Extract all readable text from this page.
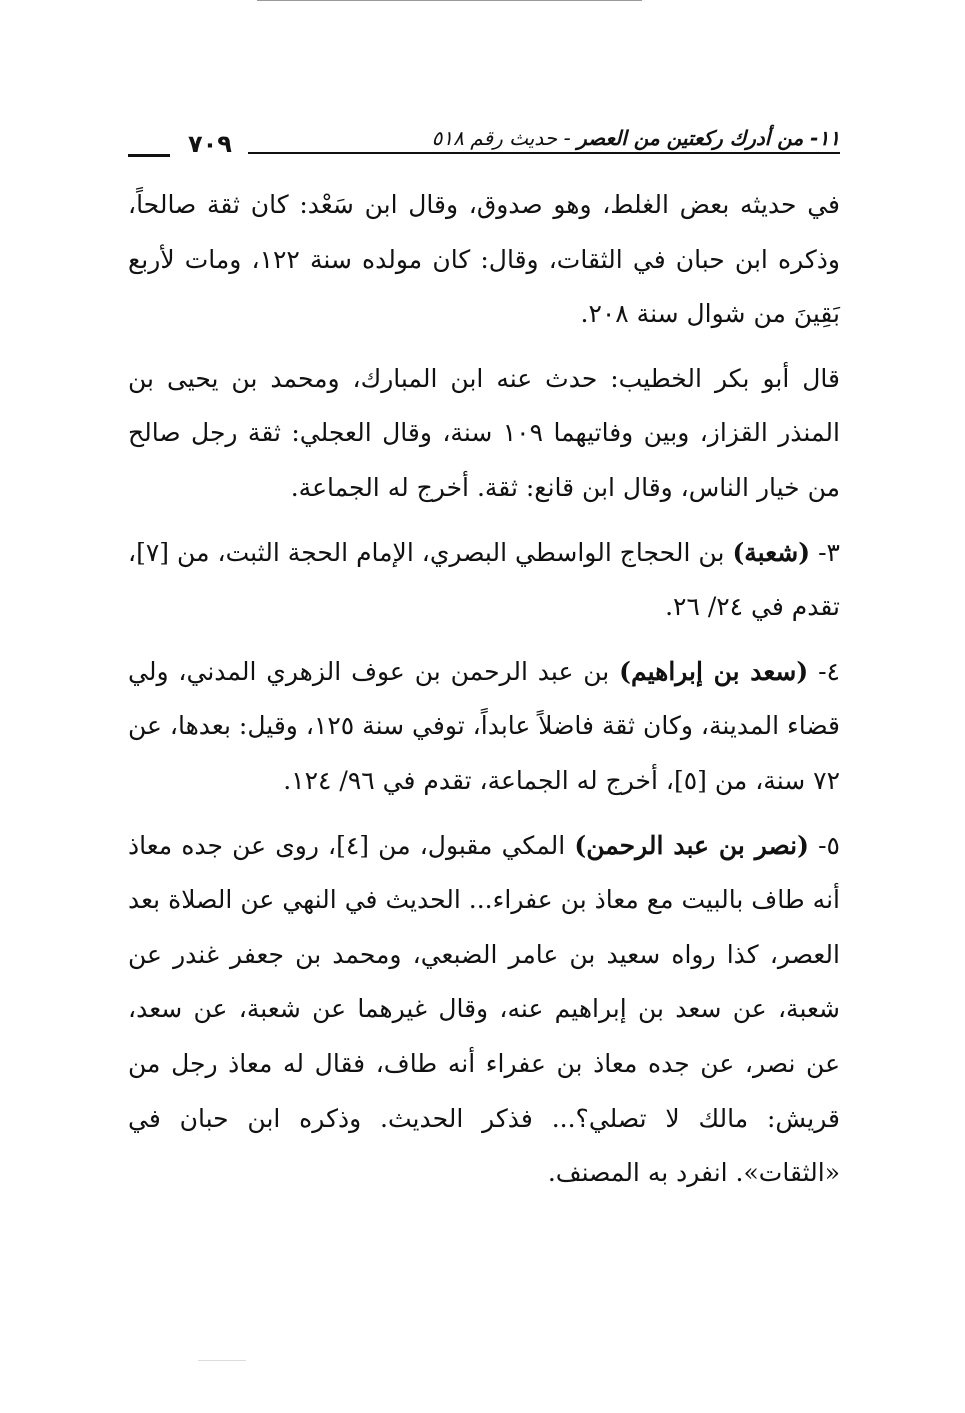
١١- من أدرك ركعتين من العصر - حديث رقم ٥١٨
٧٠٩

في حديثه بعض الغلط، وهو صدوق، وقال ابن سَعْد: كان ثقة صالحاً، وذكره ابن حبان في الثقات، وقال: كان مولده سنة ١٢٢، ومات لأربع بَقِينَ من شوال سنة ٢٠٨.

قال أبو بكر الخطيب: حدث عنه ابن المبارك، ومحمد بن يحيى بن المنذر القزاز، وبين وفاتيهما ١٠٩ سنة، وقال العجلي: ثقة رجل صالح من خيار الناس، وقال ابن قانع: ثقة. أخرج له الجماعة.

٣- (شعبة) بن الحجاج الواسطي البصري، الإمام الحجة الثبت، من [٧]، تقدم في ٢٤/ ٢٦.

٤- (سعد بن إبراهيم) بن عبد الرحمن بن عوف الزهري المدني، ولي قضاء المدينة، وكان ثقة فاضلاً عابداً، توفي سنة ١٢٥، وقيل: بعدها، عن ٧٢ سنة، من [٥]، أخرج له الجماعة، تقدم في ٩٦/ ١٢٤.

٥- (نصر بن عبد الرحمن) المكي مقبول، من [٤]، روى عن جده معاذ أنه طاف بالبيت مع معاذ بن عفراء... الحديث في النهي عن الصلاة بعد العصر، كذا رواه سعيد بن عامر الضبعي، ومحمد بن جعفر غندر عن شعبة، عن سعد بن إبراهيم عنه، وقال غيرهما عن شعبة، عن سعد، عن نصر، عن جده معاذ بن عفراء أنه طاف، فقال له معاذ رجل من قريش: مالك لا تصلي؟... فذكر الحديث. وذكره ابن حبان في «الثقات». انفرد به المصنف.
